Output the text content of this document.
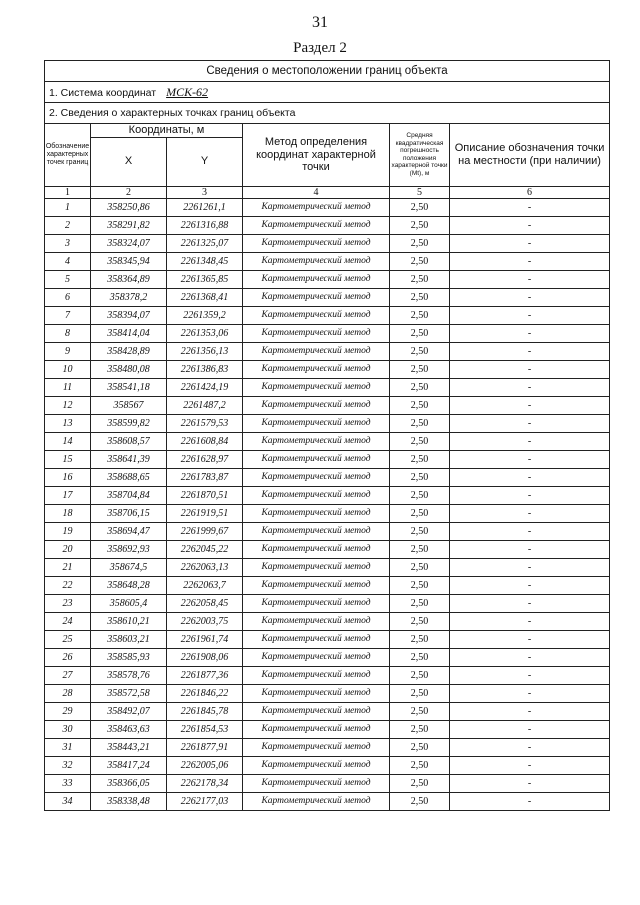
31
Раздел 2
Сведения о местоположении границ объекта					
1. Система координат МСК-62					
2. Сведения о характерных точках границ объекта					
Обозначение характерных точек границ	Координаты, м		Метод определения координат характерной точки	Средняя квадратическая погрешность положения характерной точки (Mt), м	Описание обозначения точки на местности (при наличии)
	X	Y			
1	2	3	4	5	6
1	358250,86	2261261,1	Картометрический метод	2,50	-
2	358291,82	2261316,88	Картометрический метод	2,50	-
3	358324,07	2261325,07	Картометрический метод	2,50	-
4	358345,94	2261348,45	Картометрический метод	2,50	-
5	358364,89	2261365,85	Картометрический метод	2,50	-
6	358378,2	2261368,41	Картометрический метод	2,50	-
7	358394,07	2261359,2	Картометрический метод	2,50	-
8	358414,04	2261353,06	Картометрический метод	2,50	-
9	358428,89	2261356,13	Картометрический метод	2,50	-
10	358480,08	2261386,83	Картометрический метод	2,50	-
11	358541,18	2261424,19	Картометрический метод	2,50	-
12	358567	2261487,2	Картометрический метод	2,50	-
13	358599,82	2261579,53	Картометрический метод	2,50	-
14	358608,57	2261608,84	Картометрический метод	2,50	-
15	358641,39	2261628,97	Картометрический метод	2,50	-
16	358688,65	2261783,87	Картометрический метод	2,50	-
17	358704,84	2261870,51	Картометрический метод	2,50	-
18	358706,15	2261919,51	Картометрический метод	2,50	-
19	358694,47	2261999,67	Картометрический метод	2,50	-
20	358692,93	2262045,22	Картометрический метод	2,50	-
21	358674,5	2262063,13	Картометрический метод	2,50	-
22	358648,28	2262063,7	Картометрический метод	2,50	-
23	358605,4	2262058,45	Картометрический метод	2,50	-
24	358610,21	2262003,75	Картометрический метод	2,50	-
25	358603,21	2261961,74	Картометрический метод	2,50	-
26	358585,93	2261908,06	Картометрический метод	2,50	-
27	358578,76	2261877,36	Картометрический метод	2,50	-
28	358572,58	2261846,22	Картометрический метод	2,50	-
29	358492,07	2261845,78	Картометрический метод	2,50	-
30	358463,63	2261854,53	Картометрический метод	2,50	-
31	358443,21	2261877,91	Картометрический метод	2,50	-
32	358417,24	2262005,06	Картометрический метод	2,50	-
33	358366,05	2262178,34	Картометрический метод	2,50	-
34	358338,48	2262177,03	Картометрический метод	2,50	-
